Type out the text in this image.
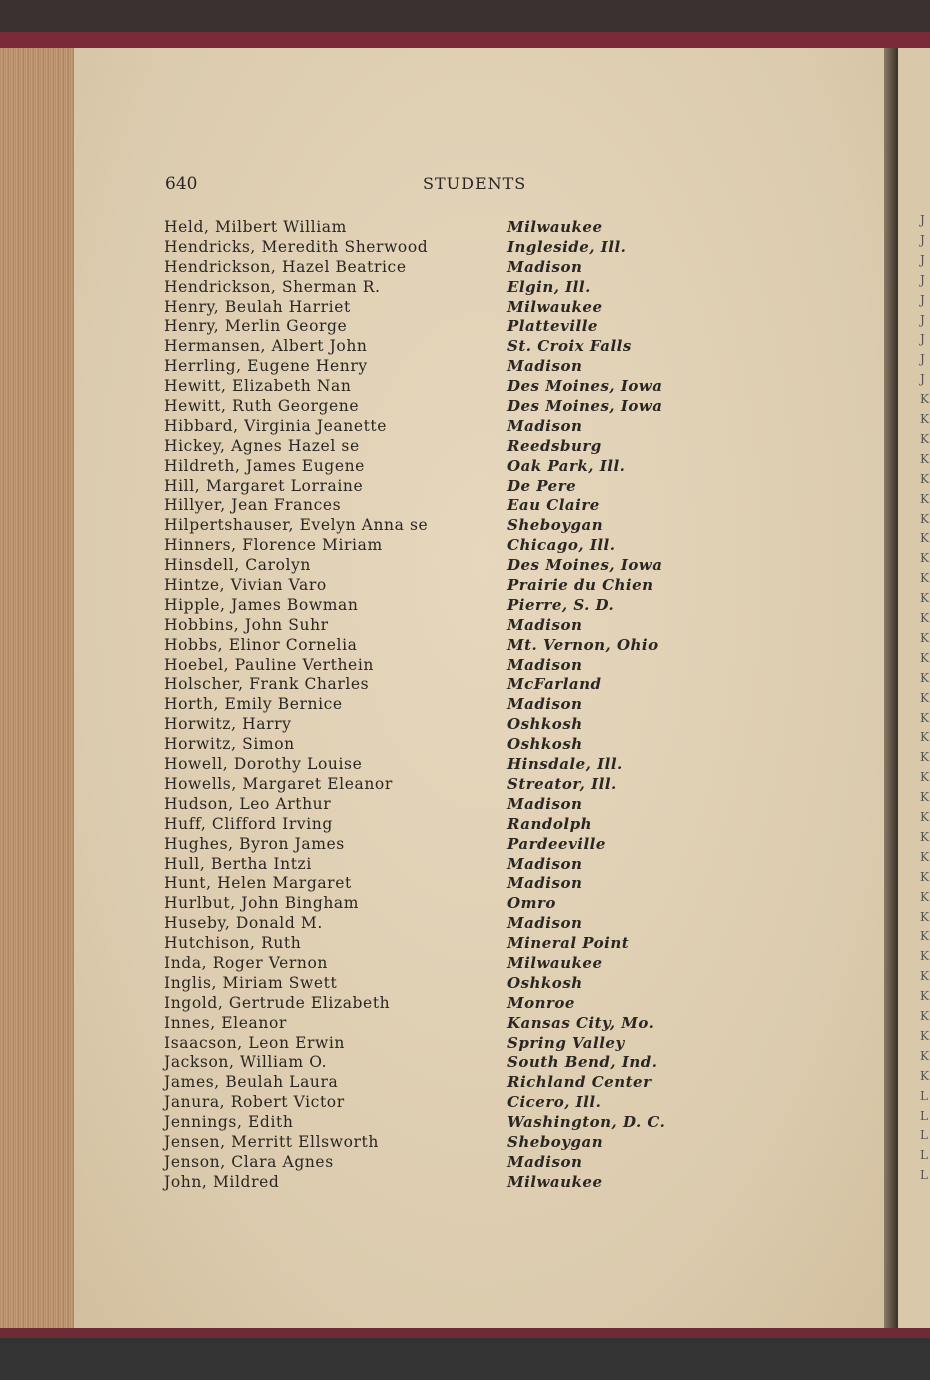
J
J
J
J
J
J
J
J
J
K
K
K
K
K
K
K
K
K
K
K
K
K
K
K
K
K
K
K
K
K
K
K
K
K
K
K
K
K
K
K
K
K
K
K
L
L
L
L
L
640	STUDENTS
Held, Milbert William	Milwaukee
Hendricks, Meredith Sherwood	Ingleside, Ill.
Hendrickson, Hazel Beatrice	Madison
Hendrickson, Sherman R.	Elgin, Ill.
Henry, Beulah Harriet	Milwaukee
Henry, Merlin George	Platteville
Hermansen, Albert John	St. Croix Falls
Herrling, Eugene Henry	Madison
Hewitt, Elizabeth Nan	Des Moines, Iowa
Hewitt, Ruth Georgene	Des Moines, Iowa
Hibbard, Virginia Jeanette	Madison
Hickey, Agnes Hazel se	Reedsburg
Hildreth, James Eugene	Oak Park, Ill.
Hill, Margaret Lorraine	De Pere
Hillyer, Jean Frances	Eau Claire
Hilpertshauser, Evelyn Anna se	Sheboygan
Hinners, Florence Miriam	Chicago, Ill.
Hinsdell, Carolyn	Des Moines, Iowa
Hintze, Vivian Varo	Prairie du Chien
Hipple, James Bowman	Pierre, S. D.
Hobbins, John Suhr	Madison
Hobbs, Elinor Cornelia	Mt. Vernon, Ohio
Hoebel, Pauline Verthein	Madison
Holscher, Frank Charles	McFarland
Horth, Emily Bernice	Madison
Horwitz, Harry	Oshkosh
Horwitz, Simon	Oshkosh
Howell, Dorothy Louise	Hinsdale, Ill.
Howells, Margaret Eleanor	Streator, Ill.
Hudson, Leo Arthur	Madison
Huff, Clifford Irving	Randolph
Hughes, Byron James	Pardeeville
Hull, Bertha Intzi	Madison
Hunt, Helen Margaret	Madison
Hurlbut, John Bingham	Omro
Huseby, Donald M.	Madison
Hutchison, Ruth	Mineral Point
Inda, Roger Vernon	Milwaukee
Inglis, Miriam Swett	Oshkosh
Ingold, Gertrude Elizabeth	Monroe
Innes, Eleanor	Kansas City, Mo.
Isaacson, Leon Erwin	Spring Valley
Jackson, William O.	South Bend, Ind.
James, Beulah Laura	Richland Center
Janura, Robert Victor	Cicero, Ill.
Jennings, Edith	Washington, D. C.
Jensen, Merritt Ellsworth	Sheboygan
Jenson, Clara Agnes	Madison
John, Mildred	Milwaukee
